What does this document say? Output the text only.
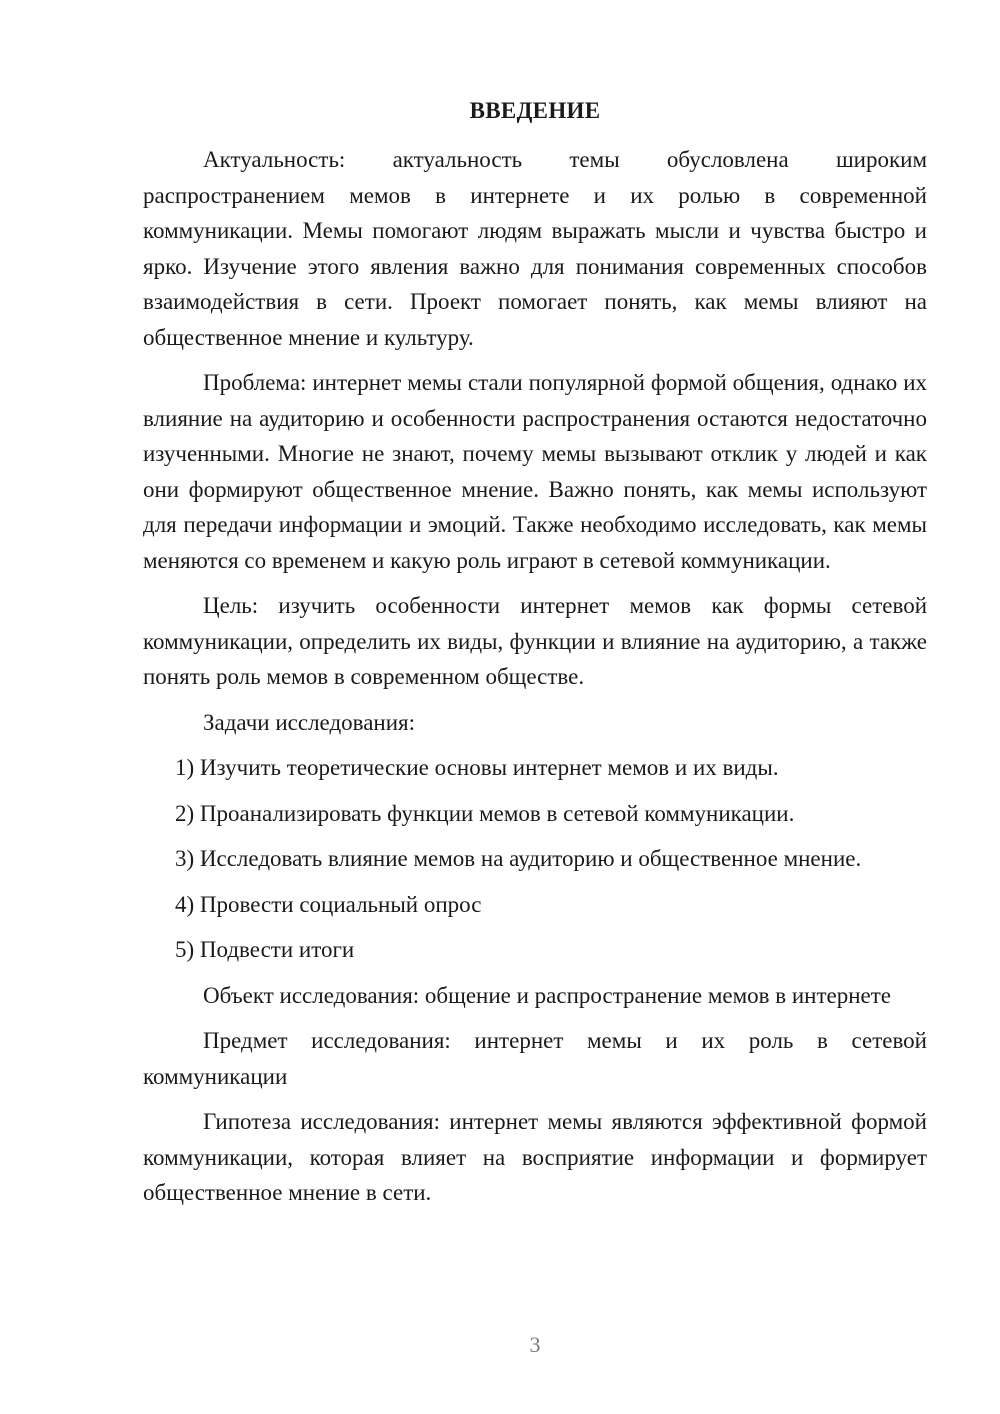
ВВЕДЕНИЕ

Актуальность: актуальность темы обусловлена широким распространением мемов в интернете и их ролью в современной коммуникации. Мемы помогают людям выражать мысли и чувства быстро и ярко. Изучение этого явления важно для понимания современных способов взаимодействия в сети. Проект помогает понять, как мемы влияют на общественное мнение и культуру.

Проблема: интернет мемы стали популярной формой общения, однако их влияние на аудиторию и особенности распространения остаются недостаточно изученными. Многие не знают, почему мемы вызывают отклик у людей и как они формируют общественное мнение. Важно понять, как мемы используют для передачи информации и эмоций. Также необходимо исследовать, как мемы меняются со временем и какую роль играют в сетевой коммуникации.

Цель: изучить особенности интернет мемов как формы сетевой коммуникации, определить их виды, функции и влияние на аудиторию, а также понять роль мемов в современном обществе.

Задачи исследования:

1) Изучить теоретические основы интернет мемов и их виды.

2) Проанализировать функции мемов в сетевой коммуникации.

3) Исследовать влияние мемов на аудиторию и общественное мнение.

4) Провести социальный опрос

5) Подвести итоги

Объект исследования: общение и распространение мемов в интернете

Предмет исследования: интернет мемы и их роль в сетевой коммуникации

Гипотеза исследования: интернет мемы являются эффективной формой коммуникации, которая влияет на восприятие информации и формирует общественное мнение в сети.

3
